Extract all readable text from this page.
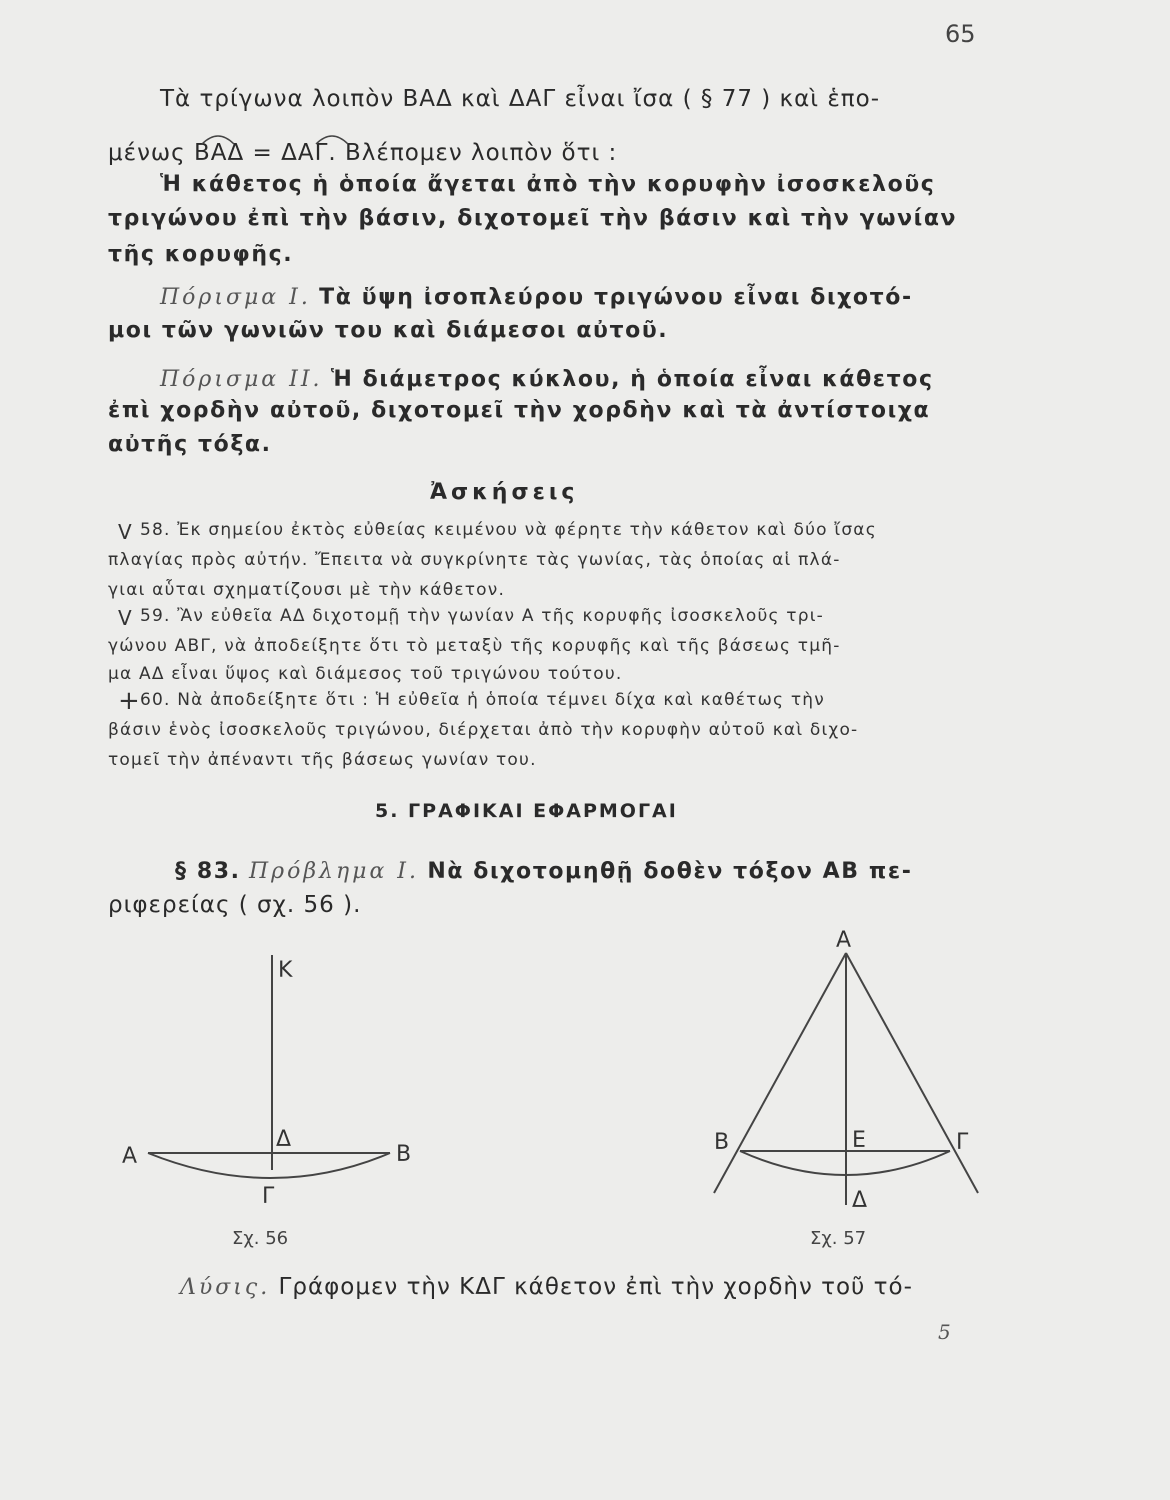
65
Τὰ τρίγωνα λοιπὸν ΒΑΔ καὶ ΔΑΓ εἶναι ἴσα ( § 77 ) καὶ ἑπο-
μένως ΒΑΔ = ΔΑΓ. Βλέπομεν λοιπὸν ὅτι :
Ἡ κάθετος ἡ ὁποία ἄγεται ἀπὸ τὴν κορυφὴν ἰσοσκελοῦς
τριγώνου ἐπὶ τὴν βάσιν, διχοτομεῖ τὴν βάσιν καὶ τὴν γωνίαν
τῆς κορυφῆς.
Πόρισμα Ι. Τὰ ὕψη ἰσοπλεύρου τριγώνου εἶναι διχοτό-
μοι τῶν γωνιῶν του καὶ διάμεσοι αὐτοῦ.
Πόρισμα ΙΙ. Ἡ διάμετρος κύκλου, ἡ ὁποία εἶναι κάθετος
ἐπὶ χορδὴν αὐτοῦ, διχοτομεῖ τὴν χορδὴν καὶ τὰ ἀντίστοιχα
αὐτῆς τόξα.
Ἀσκήσεις
V 58. Ἐκ σημείου ἐκτὸς εὐθείας κειμένου νὰ φέρητε τὴν κάθετον καὶ δύο ἴσας
πλαγίας πρὸς αὐτήν. Ἔπειτα νὰ συγκρίνητε τὰς γωνίας, τὰς ὁποίας αἱ πλά-
γιαι αὗται σχηματίζουσι μὲ τὴν κάθετον.
V 59. Ἂν εὐθεῖα ΑΔ διχοτομῇ τὴν γωνίαν Α τῆς κορυφῆς ἰσοσκελοῦς τρι-
γώνου ΑΒΓ, νὰ ἀποδείξητε ὅτι τὸ μεταξὺ τῆς κορυφῆς καὶ τῆς βάσεως τμῆ-
μα ΑΔ εἶναι ὕψος καὶ διάμεσος τοῦ τριγώνου τούτου.
+ 60. Νὰ ἀποδείξητε ὅτι : Ἡ εὐθεῖα ἡ ὁποία τέμνει δίχα καὶ καθέτως τὴν
βάσιν ἑνὸς ἰσοσκελοῦς τριγώνου, διέρχεται ἀπὸ τὴν κορυφὴν αὐτοῦ καὶ διχο-
τομεῖ τὴν ἀπέναντι τῆς βάσεως γωνίαν του.
5. ΓΡΑΦΙΚΑΙ ΕΦΑΡΜΟΓΑΙ
§ 83. Πρόβλημα Ι. Νὰ διχοτομηθῇ δοθὲν τόξον ΑΒ πε-
ριφερείας ( σχ. 56 ).
Κ
Α	Β
Δ
Γ
Σχ. 56
Α
Β	Ε	Γ
Δ
Σχ. 57
Λύσις. Γράφομεν τὴν ΚΔΓ κάθετον ἐπὶ τὴν χορδὴν τοῦ τό-
5
